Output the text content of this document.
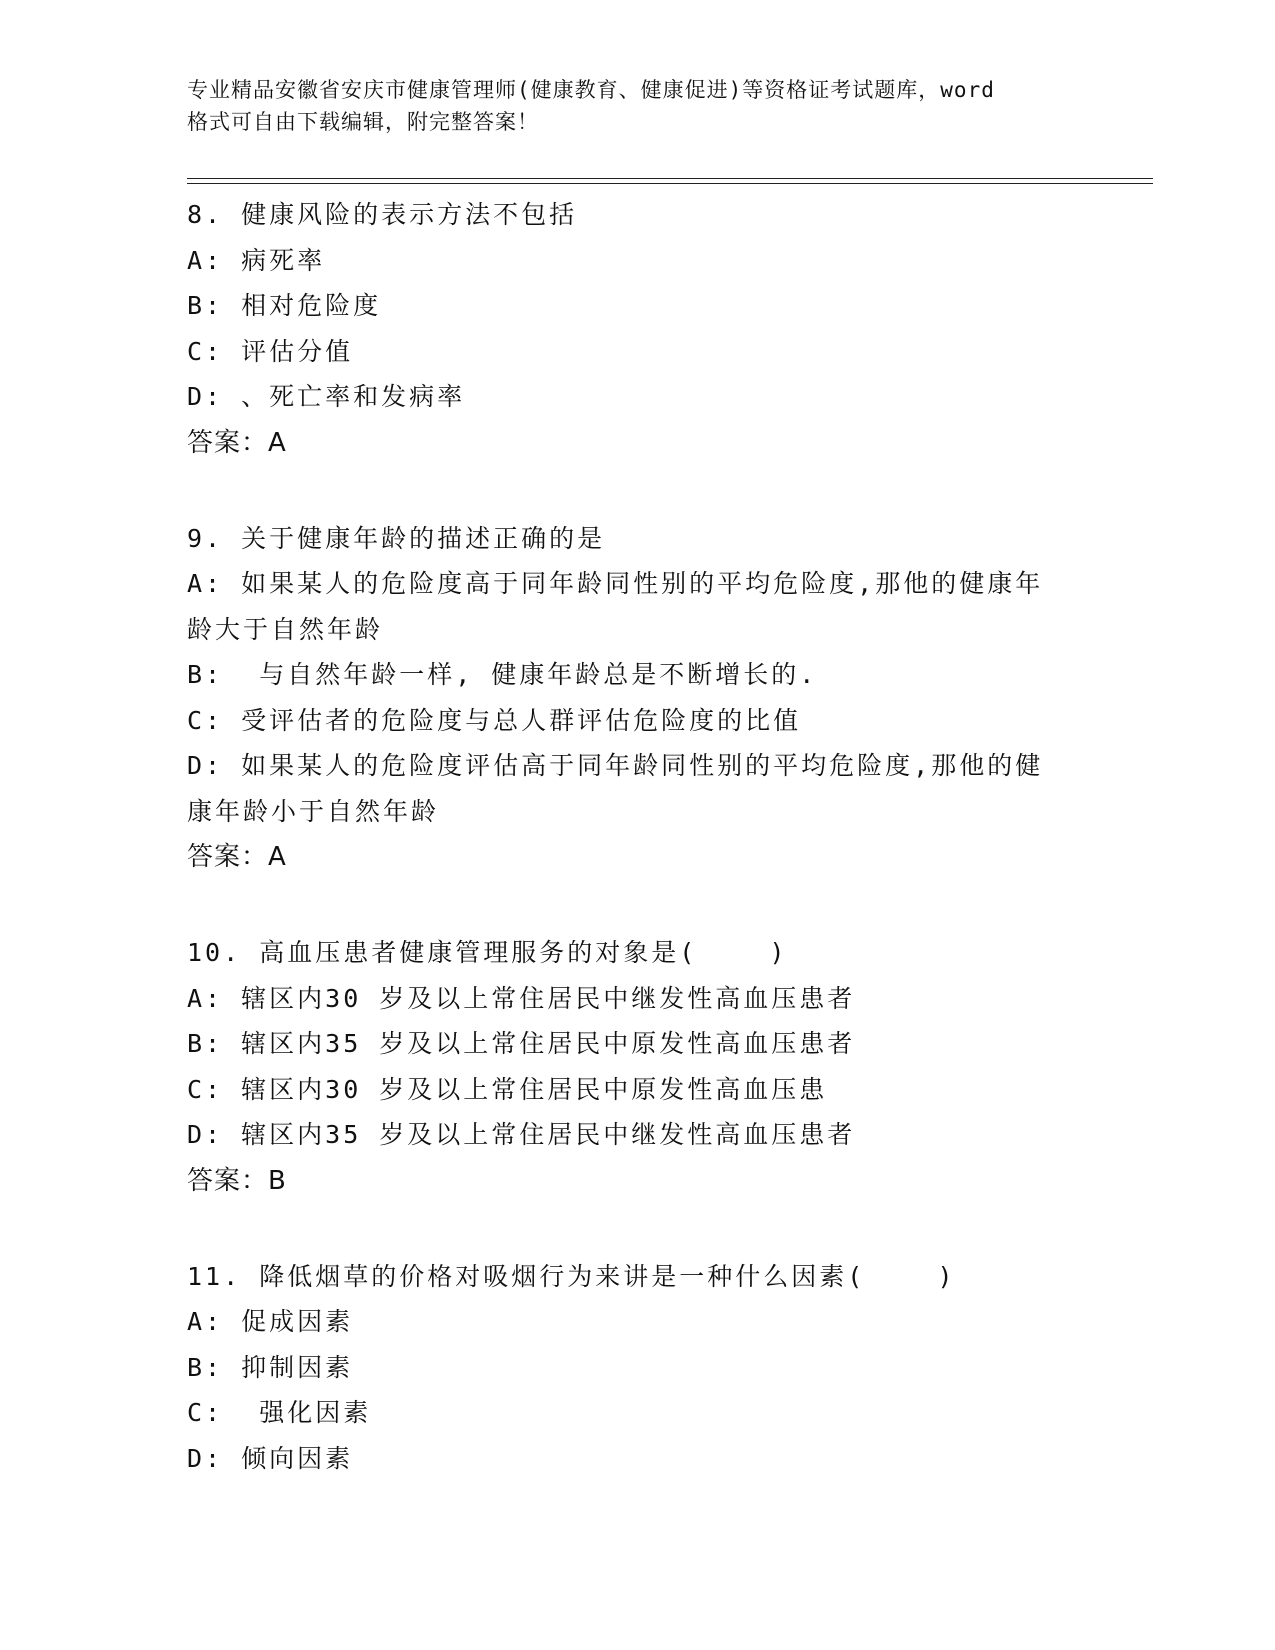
专业精品安徽省安庆市健康管理师(健康教育、健康促进)等资格证考试题库，word
格式可自由下载编辑，附完整答案！
8. 健康风险的表示方法不包括
A: 病死率
B: 相对危险度
C: 评估分值
D: 、死亡率和发病率
答案：A
9. 关于健康年龄的描述正确的是
A: 如果某人的危险度高于同年龄同性别的平均危险度,那他的健康年
龄大于自然年龄
B:  与自然年龄一样, 健康年龄总是不断增长的.
C: 受评估者的危险度与总人群评估危险度的比值
D: 如果某人的危险度评估高于同年龄同性别的平均危险度,那他的健
康年龄小于自然年龄
答案：A
10. 高血压患者健康管理服务的对象是(    )
A: 辖区内30 岁及以上常住居民中继发性高血压患者
B: 辖区内35 岁及以上常住居民中原发性高血压患者
C: 辖区内30 岁及以上常住居民中原发性高血压患
D: 辖区内35 岁及以上常住居民中继发性高血压患者
答案：B
11. 降低烟草的价格对吸烟行为来讲是一种什么因素(    )
A: 促成因素
B: 抑制因素
C:  强化因素
D: 倾向因素
